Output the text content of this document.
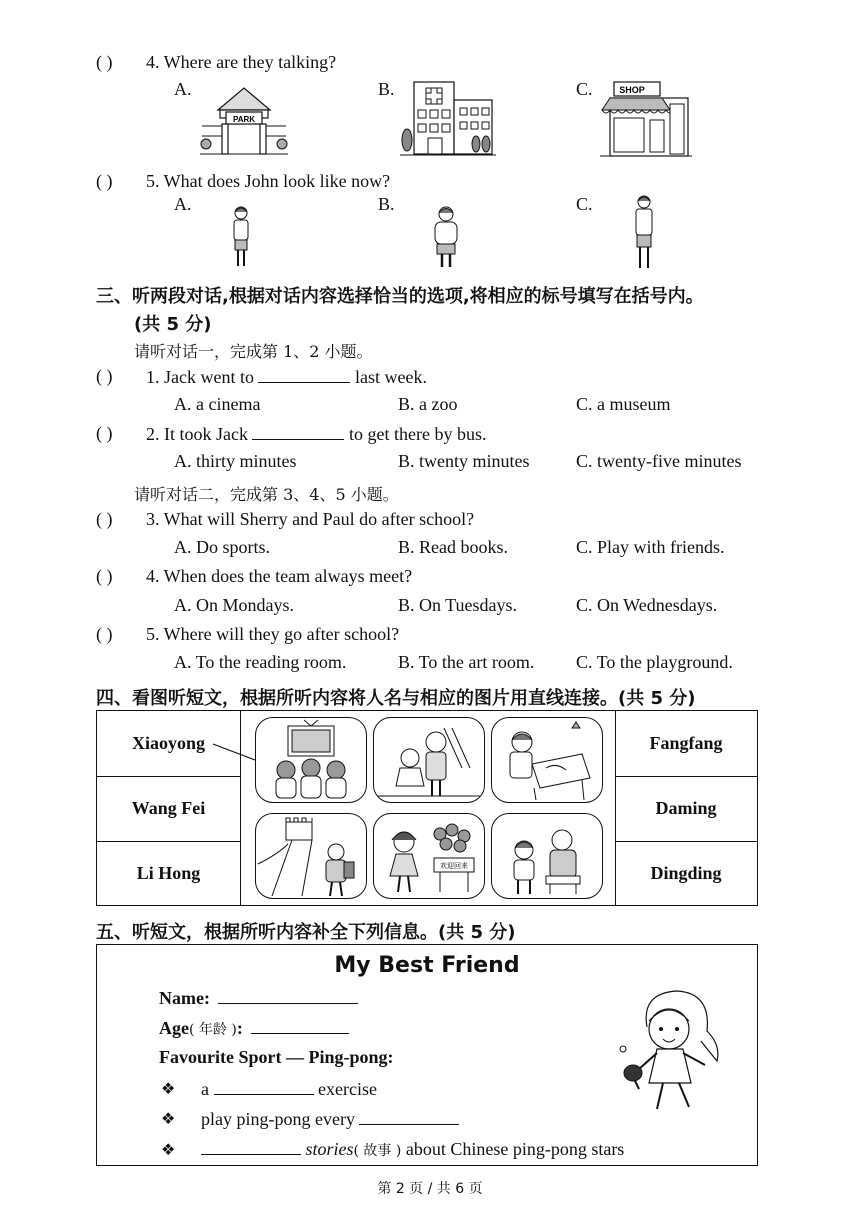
( ) 4. Where are they talking?
A.	B.	C.
PARK
SHOP
( ) 5. What does John look like now?
A.	B.	C.
三、听两段对话,根据对话内容选择恰当的选项,将相应的标号填写在括号内。
(共 5 分)
请听对话一，完成第 1、2 小题。
( ) 1. Jack went to	last week.
A. a cinema	B. a zoo	C. a museum
( ) 2. It took Jack	to get there by bus.
A. thirty minutes	B. twenty minutes	C. twenty-five minutes
请听对话二，完成第 3、4、5 小题。
( ) 3. What will Sherry and Paul do after school?
A. Do sports.	B. Read books.	C. Play with friends.
( ) 4. When does the team always meet?
A. On Mondays.	B. On Tuesdays.	C. On Wednesdays.
( ) 5. Where will they go after school?
A. To the reading room.	B. To the art room. C. To the playground.
四、看图听短文，根据所听内容将人名与相应的图片用直线连接。(共 5 分)
Xiaoyong
Wang Fei
Li Hong
Fangfang
Daming
Dingding
欢迎回来
五、听短文，根据所听内容补全下列信息。(共 5 分)
My Best Friend
Name:
Age( 年龄 ):
Favourite Sport — Ping-pong:
❖ a	exercise
❖ play ping-pong every
❖	stories( 故事 ) about Chinese ping-pong stars
第 2 页 / 共 6 页
